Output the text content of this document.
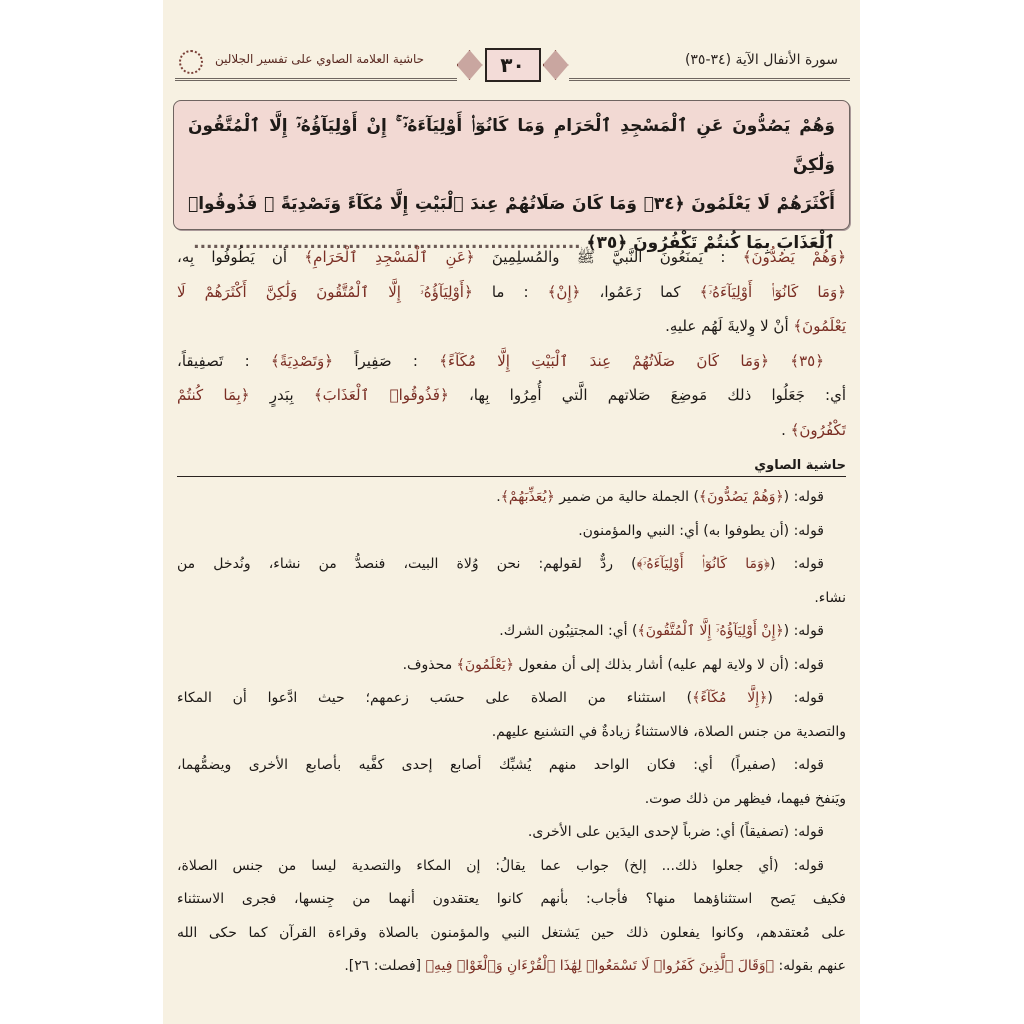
حاشية العلامة الصاوي على تفسير الجلالين	٣٠	سورة الأنفال الآية (٣٤-٣٥)
وَهُمْ يَصُدُّونَ عَنِ ٱلْمَسْجِدِ ٱلْحَرَامِ وَمَا كَانُوٓا۟ أَوْلِيَآءَهُۥٓ ۚ إِنْ أَوْلِيَآؤُهُۥٓ إِلَّا ٱلْمُتَّقُونَ وَلَٰكِنَّ
أَكْثَرَهُمْ لَا يَعْلَمُونَ ﴿٣٤﴾ وَمَا كَانَ صَلَاتُهُمْ عِندَ ٱلْبَيْتِ إِلَّا مُكَآءً وَتَصْدِيَةً ۚ فَذُوقُوا۟
ٱلْعَذَابَ بِمَا كُنتُمْ تَكْفُرُونَ ﴿٣٥﴾ ............................................................
﴿وَهُمْ يَصُدُّونَ﴾ : يَمنَعُونَ النَّبيَّ ﷺ والمُسلِمِينَ ﴿عَنِ ٱلْمَسْجِدِ ٱلْحَرَامِ﴾ أن يَطُوفُوا بِه،
﴿وَمَا كَانُوٓا۟ أَوْلِيَآءَهُۥٓ﴾ كما زَعَمُوا، ﴿إِنْ﴾ : ما ﴿أَوْلِيَآؤُهُۥٓ إِلَّا ٱلْمُتَّقُونَ وَلَٰكِنَّ أَكْثَرَهُمْ لَا
يَعْلَمُونَ﴾ أنْ لا وِلايةَ لَهُم عليهِ.
﴿٣٥﴾ ﴿وَمَا كَانَ صَلَاتُهُمْ عِندَ ٱلْبَيْتِ إِلَّا مُكَآءً﴾ : صَفِيراً ﴿وَتَصْدِيَةً﴾ : تَصفِيقاً،
أي: جَعَلُوا ذلك مَوضِعَ صَلاتهم الَّتي أُمِرُوا بِها، ﴿فَذُوقُوا۟ ٱلْعَذَابَ﴾ بِبَدرٍ ﴿بِمَا كُنتُمْ
تَكْفُرُونَ﴾ .
حاشية الصاوي
قوله: (﴿وَهُمْ يَصُدُّونَ﴾) الجملة حالية من ضمير ﴿يُعَذِّبَهُمْ﴾.
قوله: (أن يطوفوا به) أي: النبي والمؤمنون.
قوله: (﴿وَمَا كَانُوٓا۟ أَوْلِيَآءَهُۥٓ﴾) ردٌّ لقولهم: نحن وُلاة البيت، فنصدُّ من نشاء، ونُدخل من
نشاء.
قوله: (﴿إِنْ أَوْلِيَآؤُهُۥٓ إِلَّا ٱلْمُتَّقُونَ﴾) أي: المجتنِبُون الشرك.
قوله: (أن لا ولاية لهم عليه) أشار بذلك إلى أن مفعول ﴿يَعْلَمُونَ﴾ محذوف.
قوله: (﴿إِلَّا مُكَآءً﴾) استثناء من الصلاة على حسَب زعمهم؛ حيث ادَّعوا أن المكاء
والتصدية من جنس الصلاة، فالاستثناءُ زيادةٌ في التشنيع عليهم.
قوله: (صفيراً) أي: فكان الواحد منهم يُشبِّك أصابع إحدى كفَّيه بأصابع الأخرى ويضمُّهما،
ويَنفخ فيهما، فيظهر من ذلك صوت.
قوله: (تصفيقاً) أي: ضرباً لإحدى اليدَين على الأخرى.
قوله: (أي جعلوا ذلك... إلخ) جواب عما يقالُ: إن المكاء والتصدية ليسا من جنس الصلاة،
فكيف يَصح استثناؤهما منها؟ فأجاب: بأنهم كانوا يعتقدون أنهما من جِنسها، فجرى الاستثناء
على مُعتقدهم، وكانوا يفعلون ذلك حين يَشتغل النبي والمؤمنون بالصلاة وقراءة القرآن كما حكى الله
عنهم بقوله: ﴿وَقَالَ ٱلَّذِينَ كَفَرُوا۟ لَا تَسْمَعُوا۟ لِهَٰذَا ٱلْقُرْءَانِ وَٱلْغَوْا۟ فِيهِ﴾ [فصلت: ٢٦].
